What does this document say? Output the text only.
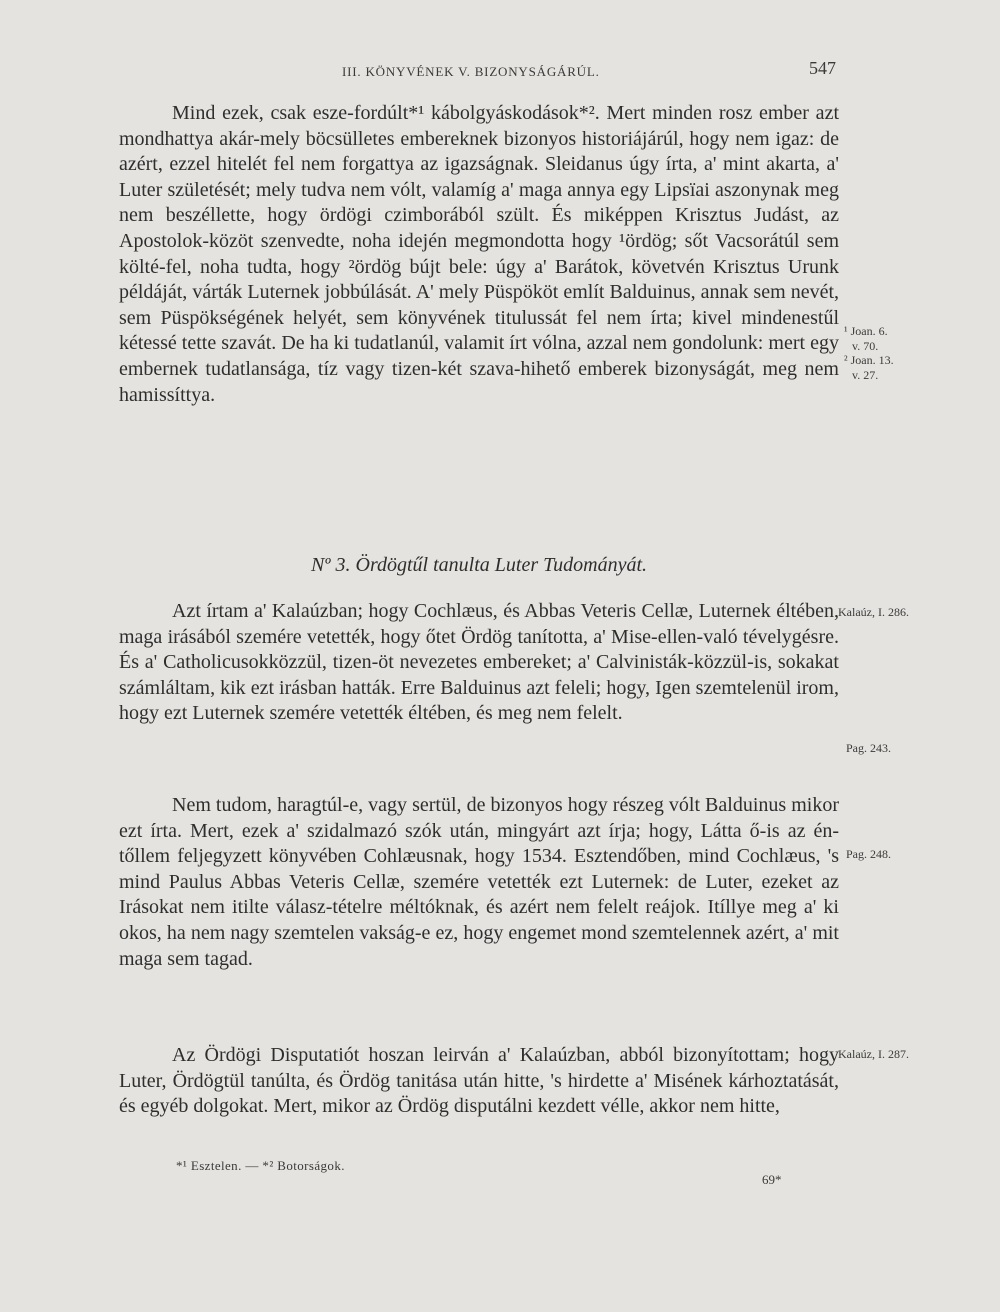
III. KÖNYVÉNEK V. BIZONYSÁGÁRÚL.	547

Mind ezek, csak esze-fordúlt*¹ kábolgyáskodások*². Mert minden rosz ember azt mondhattya akár-mely böcsülletes embereknek bizonyos historiájárúl, hogy nem igaz: de azért, ezzel hitelét fel nem forgattya az igazságnak. Sleidanus úgy írta, a' mint akarta, a' Luter születését; mely tudva nem vólt, valamíg a' maga annya egy Lipsïai aszonynak meg nem beszéllette, hogy ördögi czimborából szült. És miképpen Krisztus Judást, az Apostolok-közöt szenvedte, noha idején megmondotta hogy ¹ördög; sőt Vacsorátúl sem költé-fel, noha tudta, hogy ²ördög bújt bele: úgy a' Barátok, követvén Krisztus Urunk példáját, várták Luternek jobbúlását. A' mely Püspököt említ Balduinus, annak sem nevét, sem Püspökségének helyét, sem könyvének titulussát fel nem írta; kivel mindenestűl kétessé tette szavát. De ha ki tudatlanúl, valamit írt vólna, azzal nem gondolunk: mert egy embernek tudatlansága, tíz vagy tizen-két szava-hihető emberek bizonyságát, meg nem hamissíttya.

Nº 3. Ördögtűl tanulta Luter Tudományát.

Azt írtam a' Kalaúzban; hogy Cochlæus, és Abbas Veteris Cellæ, Luternek éltében, maga irásából szemére vetették, hogy őtet Ördög tanította, a' Mise-ellen-való tévelygésre. És a' Catholicusokközzül, tizen-öt nevezetes embereket; a' Calvinisták-közzül-is, sokakat számláltam, kik ezt irásban hatták. Erre Balduinus azt feleli; hogy, Igen szemtelenül irom, hogy ezt Luternek szemére vetették éltében, és meg nem felelt.

Nem tudom, haragtúl-e, vagy sertül, de bizonyos hogy részeg vólt Balduinus mikor ezt írta. Mert, ezek a' szidalmazó szók után, mingyárt azt írja; hogy, Látta ő-is az én-tőllem feljegyzett könyvében Cohlæusnak, hogy 1534. Esztendőben, mind Cochlæus, 's mind Paulus Abbas Veteris Cellæ, szemére vetették ezt Luternek: de Luter, ezeket az Irásokat nem itilte válasz-tételre méltóknak, és azért nem felelt reájok. Itíllye meg a' ki okos, ha nem nagy szemtelen vakság-e ez, hogy engemet mond szemtelennek azért, a' mit maga sem tagad.

Az Ördögi Disputatiót hoszan leirván a' Kalaúzban, abból bizonyítottam; hogy Luter, Ördögtül tanúlta, és Ördög tanitása után hitte, 's hirdette a' Misének kárhoztatását, és egyéb dolgokat. Mert, mikor az Ördög disputálni kezdett vélle, akkor nem hitte,

¹ Joan. 6.
v. 70.
² Joan. 13.
v. 27.
Kalaúz, I. 286.
Pag. 243.
Pag. 248.
Kalaúz, I. 287.
*¹ Esztelen. — *² Botorságok.
69*
